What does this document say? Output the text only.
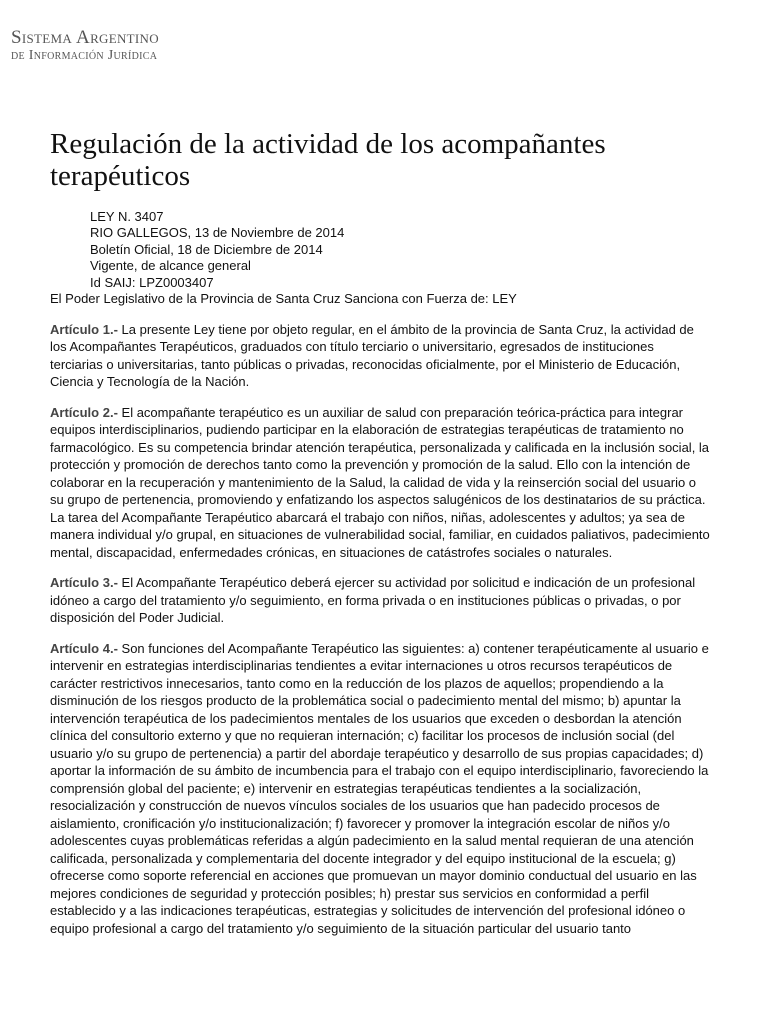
Sistema Argentino
de Información Jurídica
Regulación de la actividad de los acompañantes terapéuticos
LEY N. 3407
RIO GALLEGOS, 13 de Noviembre de 2014
Boletín Oficial, 18 de Diciembre de 2014
Vigente, de alcance general
Id SAIJ: LPZ0003407

El Poder Legislativo de la Provincia de Santa Cruz Sanciona con Fuerza de: LEY

Artículo 1.- La presente Ley tiene por objeto regular, en el ámbito de la provincia de Santa Cruz, la actividad de los Acompañantes Terapéuticos, graduados con título terciario o universitario, egresados de instituciones terciarias o universitarias, tanto públicas o privadas, reconocidas oficialmente, por el Ministerio de Educación, Ciencia y Tecnología de la Nación.

Artículo 2.- El acompañante terapéutico es un auxiliar de salud con preparación teórica-práctica para integrar equipos interdisciplinarios, pudiendo participar en la elaboración de estrategias terapéuticas de tratamiento no farmacológico. Es su competencia brindar atención terapéutica, personalizada y calificada en la inclusión social, la protección y promoción de derechos tanto como la prevención y promoción de la salud. Ello con la intención de colaborar en la recuperación y mantenimiento de la Salud, la calidad de vida y la reinserción social del usuario o su grupo de pertenencia, promoviendo y enfatizando los aspectos salugénicos de los destinatarios de su práctica. La tarea del Acompañante Terapéutico abarcará el trabajo con niños, niñas, adolescentes y adultos; ya sea de manera individual y/o grupal, en situaciones de vulnerabilidad social, familiar, en cuidados paliativos, padecimiento mental, discapacidad, enfermedades crónicas, en situaciones de catástrofes sociales o naturales.

Artículo 3.- El Acompañante Terapéutico deberá ejercer su actividad por solicitud e indicación de un profesional idóneo a cargo del tratamiento y/o seguimiento, en forma privada o en instituciones públicas o privadas, o por disposición del Poder Judicial.

Artículo 4.- Son funciones del Acompañante Terapéutico las siguientes: a) contener terapéuticamente al usuario e intervenir en estrategias interdisciplinarias tendientes a evitar internaciones u otros recursos terapéuticos de carácter restrictivos innecesarios, tanto como en la reducción de los plazos de aquellos; propendiendo a la disminución de los riesgos producto de la problemática social o padecimiento mental del mismo; b) apuntar la intervención terapéutica de los padecimientos mentales de los usuarios que exceden o desbordan la atención clínica del consultorio externo y que no requieran internación; c) facilitar los procesos de inclusión social (del usuario y/o su grupo de pertenencia) a partir del abordaje terapéutico y desarrollo de sus propias capacidades; d) aportar la información de su ámbito de incumbencia para el trabajo con el equipo interdisciplinario, favoreciendo la comprensión global del paciente; e) intervenir en estrategias terapéuticas tendientes a la socialización, resocialización y construcción de nuevos vínculos sociales de los usuarios que han padecido procesos de aislamiento, cronificación y/o institucionalización; f) favorecer y promover la integración escolar de niños y/o adolescentes cuyas problemáticas referidas a algún padecimiento en la salud mental requieran de una atención calificada, personalizada y complementaria del docente integrador y del equipo institucional de la escuela; g) ofrecerse como soporte referencial en acciones que promuevan un mayor dominio conductual del usuario en las mejores condiciones de seguridad y protección posibles; h) prestar sus servicios en conformidad a perfil establecido y a las indicaciones terapéuticas, estrategias y solicitudes de intervención del profesional idóneo o equipo profesional a cargo del tratamiento y/o seguimiento de la situación particular del usuario tanto
